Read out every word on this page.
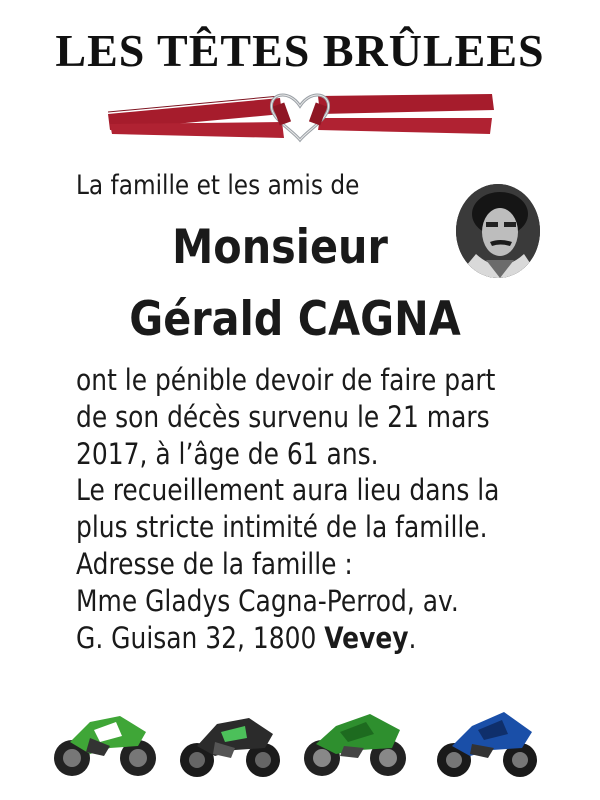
LES TÊTES BRÛLEES
La famille et les amis de
Monsieur
Gérald CAGNA
ont le pénible devoir de faire part
de son décès survenu le 21 mars
2017, à l’âge de 61 ans.
Le recueillement aura lieu dans la
plus stricte intimité de la famille.
Adresse de la famille :
Mme Gladys Cagna-Perrod, av.
G. Guisan 32, 1800 Vevey.
